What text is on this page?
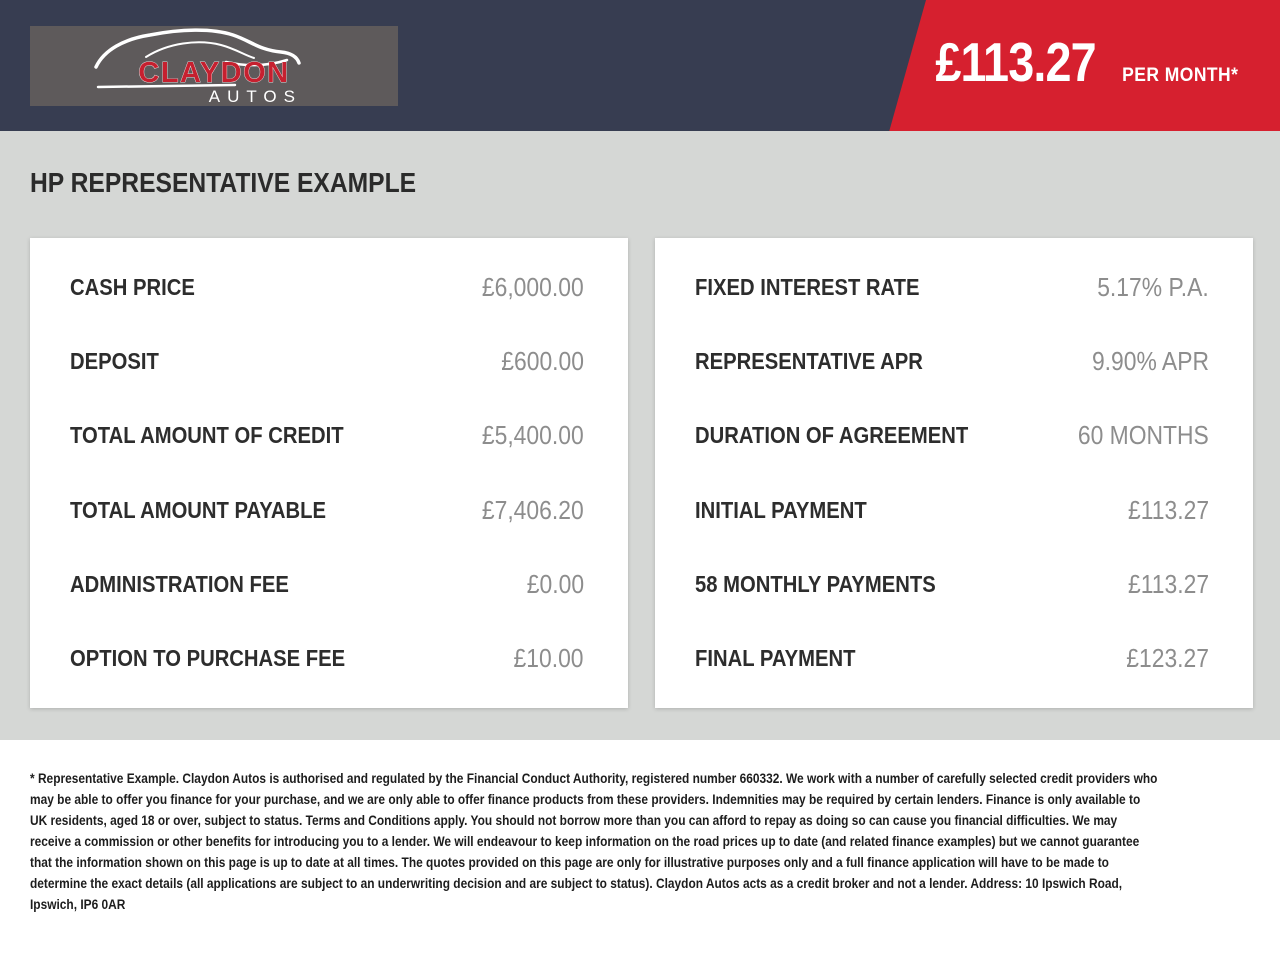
CLAYDON
AUTOS
£113.27 PER MONTH*
HP REPRESENTATIVE EXAMPLE
CASH PRICE	£6,000.00
DEPOSIT	£600.00
TOTAL AMOUNT OF CREDIT	£5,400.00
TOTAL AMOUNT PAYABLE	£7,406.20
ADMINISTRATION FEE	£0.00
OPTION TO PURCHASE FEE	£10.00
FIXED INTEREST RATE	5.17% P.A.
REPRESENTATIVE APR	9.90% APR
DURATION OF AGREEMENT	60 MONTHS
INITIAL PAYMENT	£113.27
58 MONTHLY PAYMENTS	£113.27
FINAL PAYMENT	£123.27

* Representative Example. Claydon Autos is authorised and regulated by the Financial Conduct Authority, registered number 660332. We work with a number of carefully selected credit providers who may be able to offer you finance for your purchase, and we are only able to offer finance products from these providers. Indemnities may be required by certain lenders. Finance is only available to UK residents, aged 18 or over, subject to status. Terms and Conditions apply. You should not borrow more than you can afford to repay as doing so can cause you financial difficulties. We may receive a commission or other benefits for introducing you to a lender. We will endeavour to keep information on the road prices up to date (and related finance examples) but we cannot guarantee that the information shown on this page is up to date at all times. The quotes provided on this page are only for illustrative purposes only and a full finance application will have to be made to determine the exact details (all applications are subject to an underwriting decision and are subject to status). Claydon Autos acts as a credit broker and not a lender. Address: 10 Ipswich Road, Ipswich, IP6 0AR
